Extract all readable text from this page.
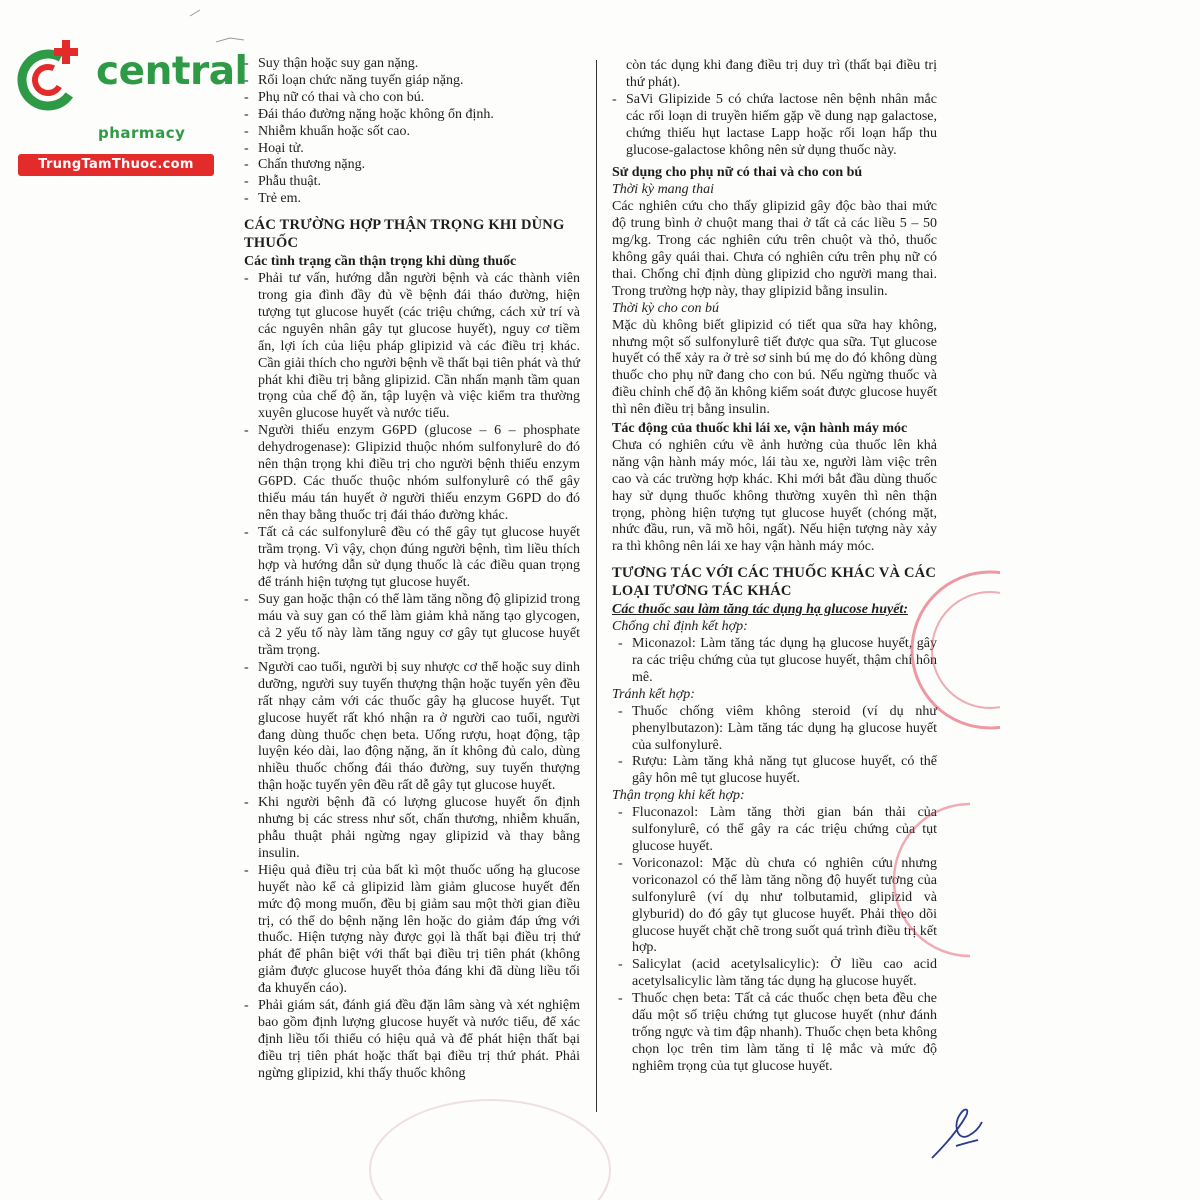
central
pharmacy
TrungTamThuoc.com
- Suy thận hoặc suy gan nặng.
- Rối loạn chức năng tuyến giáp nặng.
- Phụ nữ có thai và cho con bú.
- Đái tháo đường nặng hoặc không ổn định.
- Nhiễm khuẩn hoặc sốt cao.
- Hoại tử.
- Chấn thương nặng.
- Phẫu thuật.
- Trẻ em.
CÁC TRƯỜNG HỢP THẬN TRỌNG KHI DÙNG THUỐC
Các tình trạng cần thận trọng khi dùng thuốc
- Phải tư vấn, hướng dẫn người bệnh và các thành viên trong gia đình đầy đủ về bệnh đái tháo đường, hiện tượng tụt glucose huyết (các triệu chứng, cách xử trí và các nguyên nhân gây tụt glucose huyết), nguy cơ tiềm ẩn, lợi ích của liệu pháp glipizid và các điều trị khác. Cần giải thích cho người bệnh về thất bại tiên phát và thứ phát khi điều trị bằng glipizid. Cần nhấn mạnh tầm quan trọng của chế độ ăn, tập luyện và việc kiểm tra thường xuyên glucose huyết và nước tiểu.
- Người thiếu enzym G6PD (glucose – 6 – phosphate dehydrogenase): Glipizid thuộc nhóm sulfonylurê do đó nên thận trọng khi điều trị cho người bệnh thiếu enzym G6PD. Các thuốc thuộc nhóm sulfonylurê có thể gây thiếu máu tán huyết ở người thiếu enzym G6PD do đó nên thay bằng thuốc trị đái tháo đường khác.
- Tất cả các sulfonylurê đều có thể gây tụt glucose huyết trầm trọng. Vì vậy, chọn đúng người bệnh, tìm liều thích hợp và hướng dẫn sử dụng thuốc là các điều quan trọng để tránh hiện tượng tụt glucose huyết.
- Suy gan hoặc thận có thể làm tăng nồng độ glipizid trong máu và suy gan có thể làm giảm khả năng tạo glycogen, cả 2 yếu tố này làm tăng nguy cơ gây tụt glucose huyết trầm trọng.
- Người cao tuổi, người bị suy nhược cơ thể hoặc suy dinh dưỡng, người suy tuyến thượng thận hoặc tuyến yên đều rất nhạy cảm với các thuốc gây hạ glucose huyết. Tụt glucose huyết rất khó nhận ra ở người cao tuổi, người đang dùng thuốc chẹn beta. Uống rượu, hoạt động, tập luyện kéo dài, lao động nặng, ăn ít không đủ calo, dùng nhiều thuốc chống đái tháo đường, suy tuyến thượng thận hoặc tuyến yên đều rất dễ gây tụt glucose huyết.
- Khi người bệnh đã có lượng glucose huyết ổn định nhưng bị các stress như sốt, chấn thương, nhiễm khuẩn, phẫu thuật phải ngừng ngay glipizid và thay bằng insulin.
- Hiệu quả điều trị của bất kì một thuốc uống hạ glucose huyết nào kể cả glipizid làm giảm glucose huyết đến mức độ mong muốn, đều bị giảm sau một thời gian điều trị, có thể do bệnh nặng lên hoặc do giảm đáp ứng với thuốc. Hiện tượng này được gọi là thất bại điều trị thứ phát để phân biệt với thất bại điều trị tiên phát (không giảm được glucose huyết thỏa đáng khi đã dùng liều tối đa khuyến cáo).
- Phải giám sát, đánh giá đều đặn lâm sàng và xét nghiệm bao gồm định lượng glucose huyết và nước tiểu, để xác định liều tối thiểu có hiệu quả và để phát hiện thất bại điều trị tiên phát hoặc thất bại điều trị thứ phát. Phải ngừng glipizid, khi thấy thuốc không

còn tác dụng khi đang điều trị duy trì (thất bại điều trị thứ phát).

- SaVi Glipizide 5 có chứa lactose nên bệnh nhân mắc các rối loạn di truyền hiếm gặp về dung nạp galactose, chứng thiếu hụt lactase Lapp hoặc rối loạn hấp thu glucose-galactose không nên sử dụng thuốc này.
Sử dụng cho phụ nữ có thai và cho con bú
Thời kỳ mang thai

Các nghiên cứu cho thấy glipizid gây độc bào thai mức độ trung bình ở chuột mang thai ở tất cả các liều 5 – 50 mg/kg. Trong các nghiên cứu trên chuột và thỏ, thuốc không gây quái thai. Chưa có nghiên cứu trên phụ nữ có thai. Chống chỉ định dùng glipizid cho người mang thai. Trong trường hợp này, thay glipizid bằng insulin.

Thời kỳ cho con bú

Mặc dù không biết glipizid có tiết qua sữa hay không, nhưng một số sulfonylurê tiết được qua sữa. Tụt glucose huyết có thể xảy ra ở trẻ sơ sinh bú mẹ do đó không dùng thuốc cho phụ nữ đang cho con bú. Nếu ngừng thuốc và điều chỉnh chế độ ăn không kiểm soát được glucose huyết thì nên điều trị bằng insulin.

Tác động của thuốc khi lái xe, vận hành máy móc

Chưa có nghiên cứu về ảnh hưởng của thuốc lên khả năng vận hành máy móc, lái tàu xe, người làm việc trên cao và các trường hợp khác. Khi mới bắt đầu dùng thuốc hay sử dụng thuốc không thường xuyên thì nên thận trọng, phòng hiện tượng tụt glucose huyết (chóng mặt, nhức đầu, run, vã mồ hôi, ngất). Nếu hiện tượng này xảy ra thì không nên lái xe hay vận hành máy móc.

TƯƠNG TÁC VỚI CÁC THUỐC KHÁC VÀ CÁC LOẠI TƯƠNG TÁC KHÁC
Các thuốc sau làm tăng tác dụng hạ glucose huyết:
Chống chỉ định kết hợp:
- Miconazol: Làm tăng tác dụng hạ glucose huyết, gây ra các triệu chứng của tụt glucose huyết, thậm chí hôn mê.
Tránh kết hợp:
- Thuốc chống viêm không steroid (ví dụ như phenylbutazon): Làm tăng tác dụng hạ glucose huyết của sulfonylurê.
- Rượu: Làm tăng khả năng tụt glucose huyết, có thể gây hôn mê tụt glucose huyết.
Thận trọng khi kết hợp:
- Fluconazol: Làm tăng thời gian bán thải của sulfonylurê, có thể gây ra các triệu chứng của tụt glucose huyết.
- Voriconazol: Mặc dù chưa có nghiên cứu nhưng voriconazol có thể làm tăng nồng độ huyết tương của sulfonylurê (ví dụ như tolbutamid, glipizid và glyburid) do đó gây tụt glucose huyết. Phải theo dõi glucose huyết chặt chẽ trong suốt quá trình điều trị kết hợp.
- Salicylat (acid acetylsalicylic): Ở liều cao acid acetylsalicylic làm tăng tác dụng hạ glucose huyết.
- Thuốc chẹn beta: Tất cả các thuốc chẹn beta đều che dấu một số triệu chứng tụt glucose huyết (như đánh trống ngực và tim đập nhanh). Thuốc chẹn beta không chọn lọc trên tim làm tăng tỉ lệ mắc và mức độ nghiêm trọng của tụt glucose huyết.
